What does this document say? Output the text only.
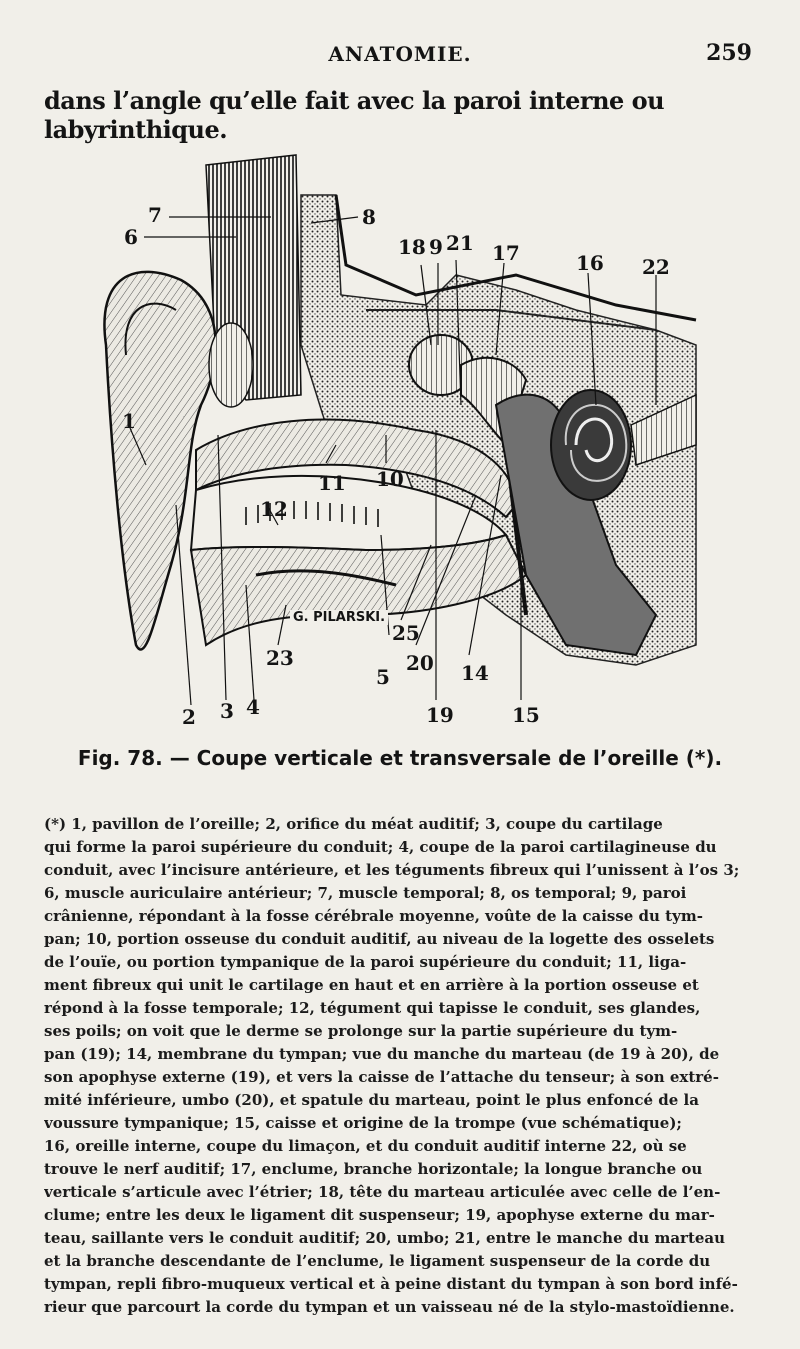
ANATOMIE.	259
dans l’angle qu’elle fait avec la paroi interne ou labyrinthique.
7
6
8
18 9 21 17	16 22
1
11 10
12
23
25
5
20 14
19	15
2 3 4
Fig. 78. — Coupe verticale et transversale de l’oreille (*).
(*) 1, pavillon de l’oreille; 2, orifice du méat auditif; 3, coupe du cartilage
qui forme la paroi supérieure du conduit; 4, coupe de la paroi cartilagineuse du
conduit, avec l’incisure antérieure, et les téguments fibreux qui l’unissent à l’os 3;
6, muscle auriculaire antérieur; 7, muscle temporal; 8, os temporal; 9, paroi
crânienne, répondant à la fosse cérébrale moyenne, voûte de la caisse du tym-
pan; 10, portion osseuse du conduit auditif, au niveau de la logette des osselets
de l’ouïe, ou portion tympanique de la paroi supérieure du conduit; 11, liga-
ment fibreux qui unit le cartilage en haut et en arrière à la portion osseuse et
répond à la fosse temporale; 12, tégument qui tapisse le conduit, ses glandes,
ses poils; on voit que le derme se prolonge sur la partie supérieure du tym-
pan (19); 14, membrane du tympan; vue du manche du marteau (de 19 à 20), de
son apophyse externe (19), et vers la caisse de l’attache du tenseur; à son extré-
mité inférieure, umbo (20), et spatule du marteau, point le plus enfoncé de la
voussure tympanique; 15, caisse et origine de la trompe (vue schématique);
16, oreille interne, coupe du limaçon, et du conduit auditif interne 22, où se
trouve le nerf auditif; 17, enclume, branche horizontale; la longue branche ou
verticale s’articule avec l’étrier; 18, tête du marteau articulée avec celle de l’en-
clume; entre les deux le ligament dit suspenseur; 19, apophyse externe du mar-
teau, saillante vers le conduit auditif; 20, umbo; 21, entre le manche du marteau
et la branche descendante de l’enclume, le ligament suspenseur de la corde du
tympan, repli fibro-muqueux vertical et à peine distant du tympan à son bord infé-
rieur que parcourt la corde du tympan et un vaisseau né de la stylo-mastoïdienne.
G. PILARSKI.
